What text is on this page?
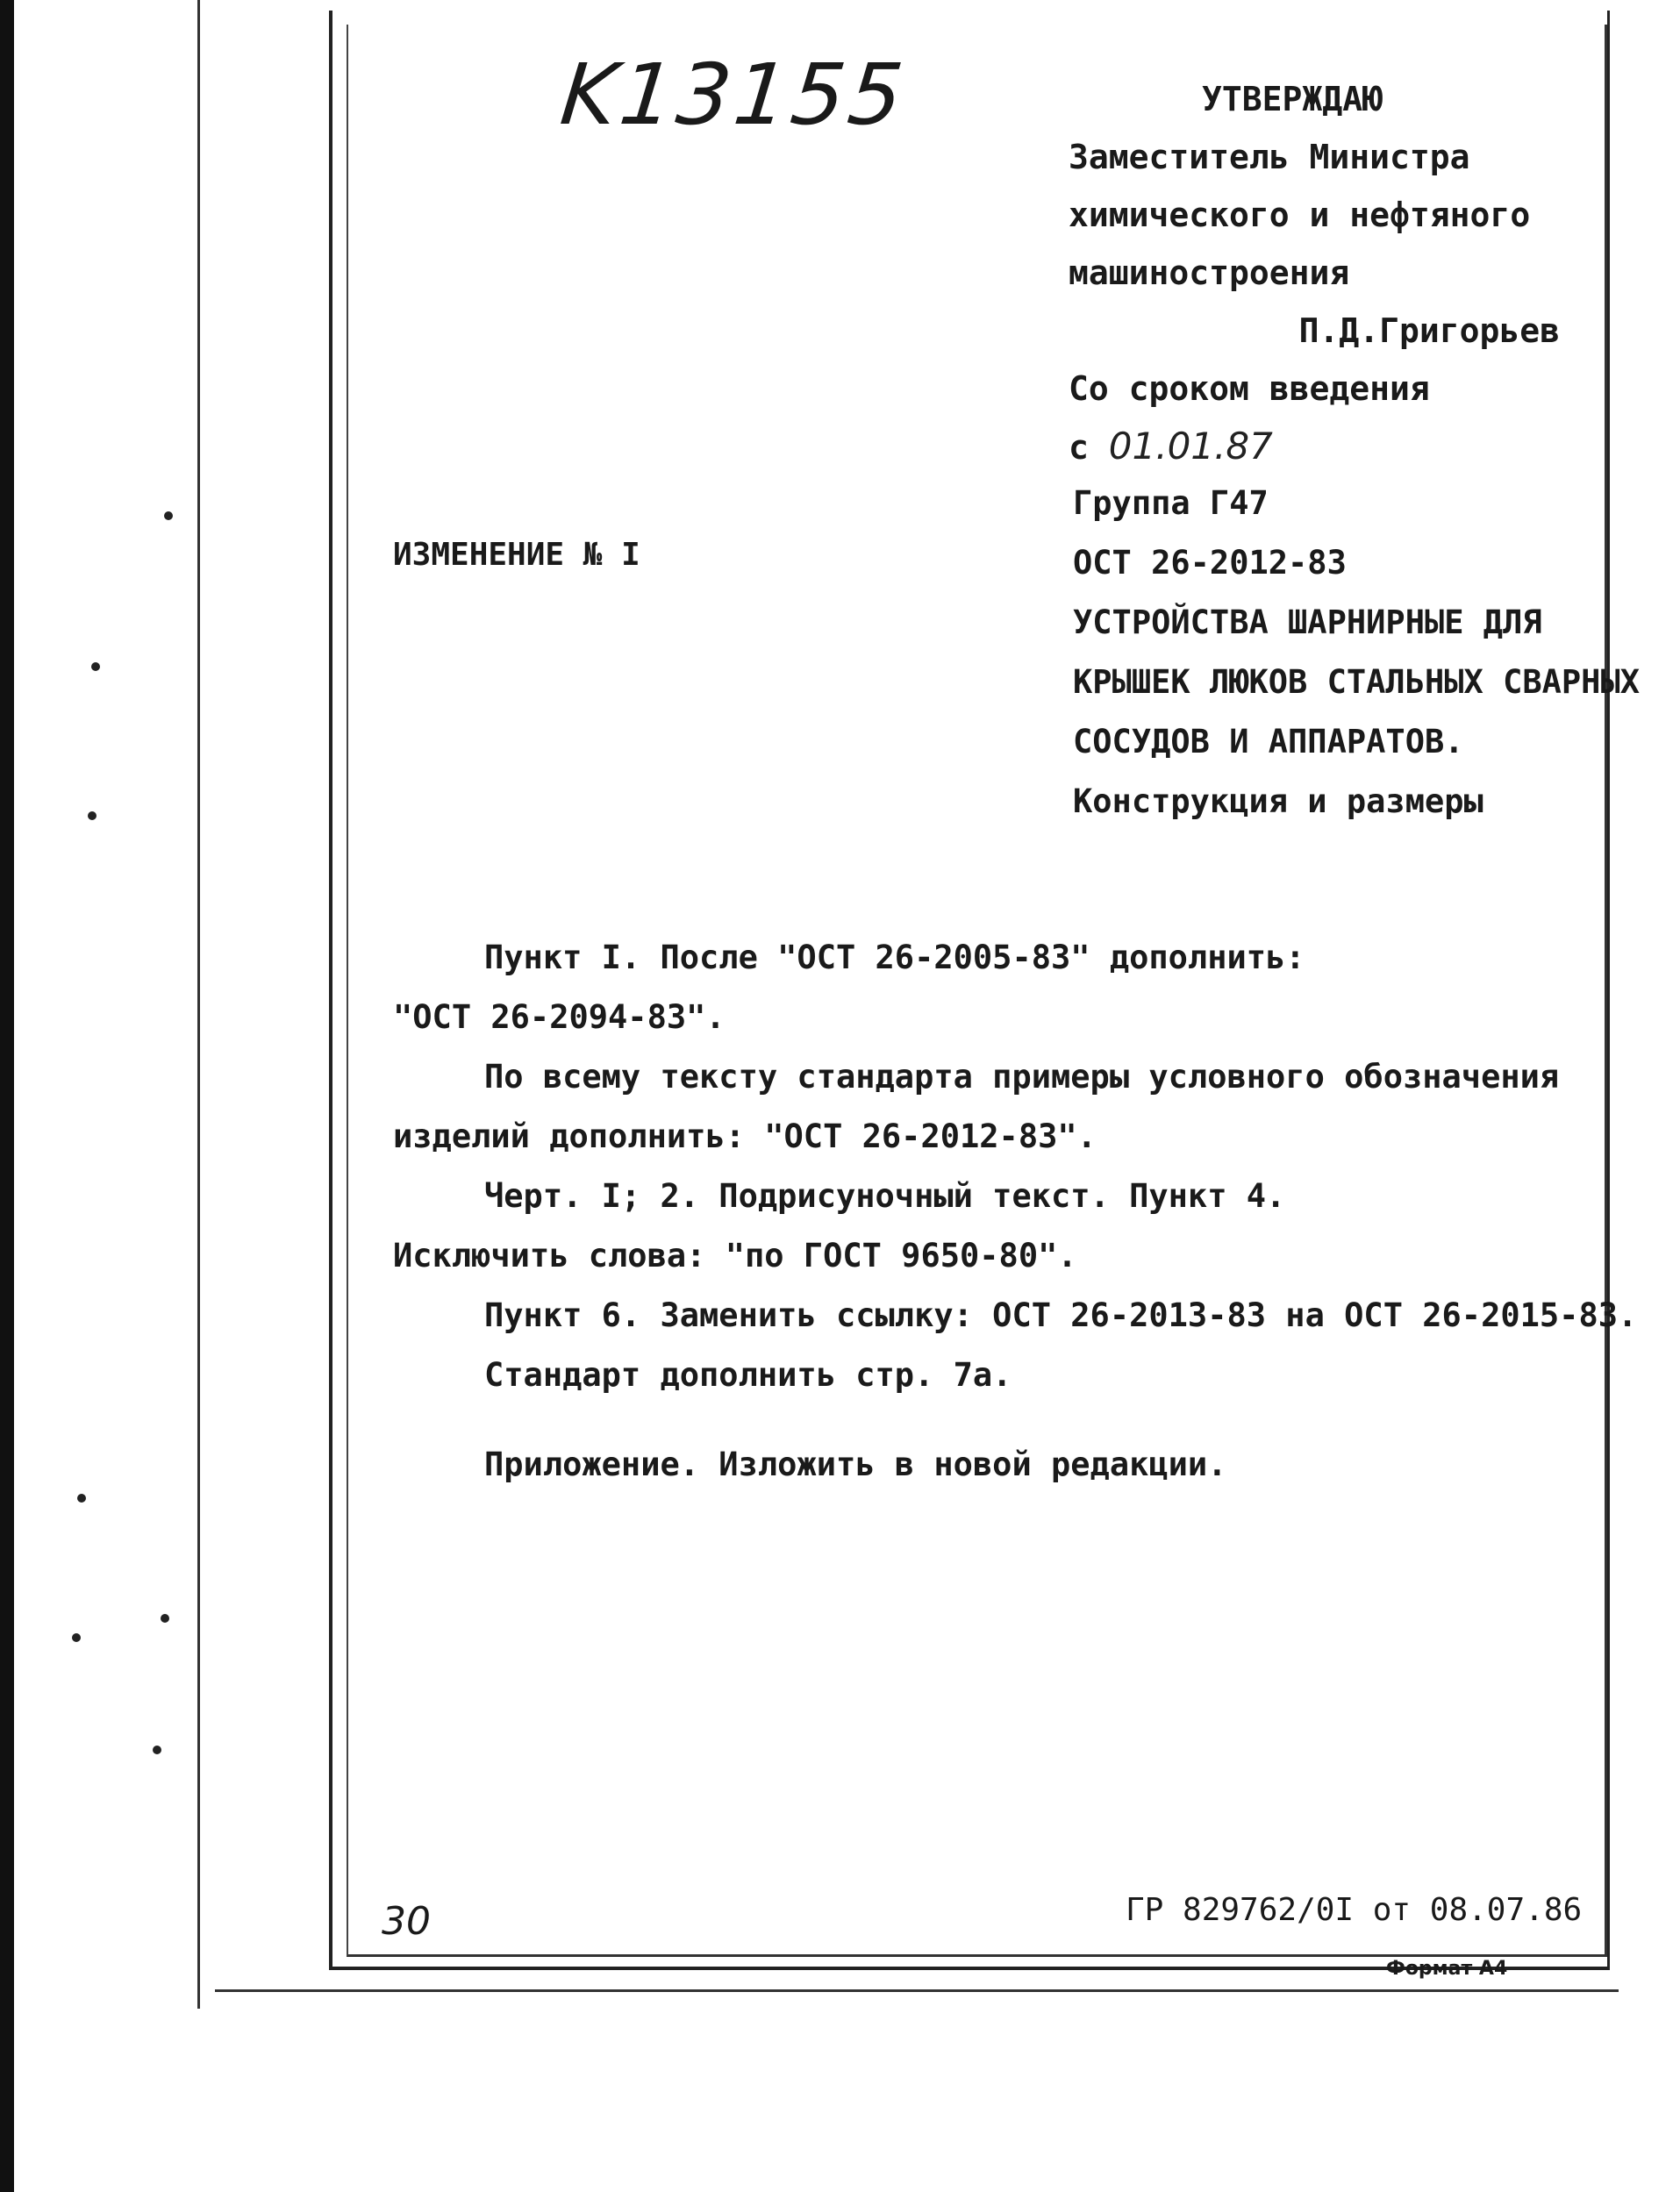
K13155	УТВЕРЖДАЮ
Заместитель Министра
химического и нефтяного
машиностроения
П.Д.Григорьев
Со сроком введения
с 01.01.87
ИЗМЕНЕНИЕ № I
Группа Г47
ОСТ 26-2012-83
УСТРОЙСТВА ШАРНИРНЫЕ ДЛЯ
КРЫШЕК ЛЮКОВ СТАЛЬНЫХ СВАРНЫХ
СОСУДОВ И АППАРАТОВ.
Конструкция и размеры
Пункт I. После "ОСТ 26-2005-83" дополнить:
"ОСТ 26-2094-83".
По всему тексту стандарта примеры условного обозначения
изделий дополнить: "ОСТ 26-2012-83".
Черт. I; 2. Подрисуночный текст. Пункт 4.
Исключить слова: "по ГОСТ 9650-80".
Пункт 6. Заменить ссылку: ОСТ 26-2013-83 на ОСТ 26-2015-83.
Стандарт дополнить стр. 7а.
Приложение. Изложить в новой редакции.
30	ГР 829762/0I от 08.07.86
Формат А4
